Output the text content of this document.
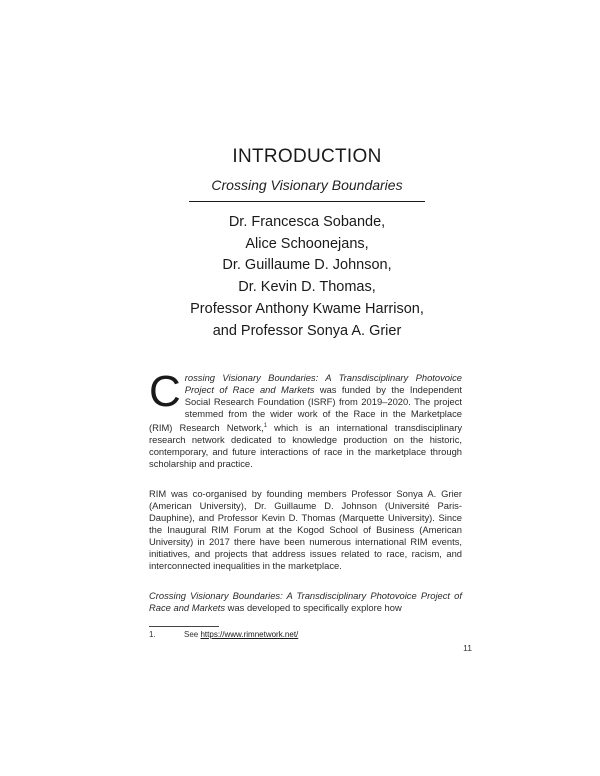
INTRODUCTION
Crossing Visionary Boundaries
Dr. Francesca Sobande,
Alice Schoonejans,
Dr. Guillaume D. Johnson,
Dr. Kevin D. Thomas,
Professor Anthony Kwame Harrison,
and Professor Sonya A. Grier

Crossing Visionary Boundaries: A Transdisciplinary Photovoice Project of Race and Markets was funded by the Independent Social Research Foundation (ISRF) from 2019–2020. The project stemmed from the wider work of the Race in the Marketplace (RIM) Research Network,$^1$ which is an international transdisciplinary research network dedicated to knowledge production on the historic, contemporary, and future interactions of race in the marketplace through scholarship and practice.

RIM was co-organised by founding members Professor Sonya A. Grier (American University), Dr. Guillaume D. Johnson (Université Paris-Dauphine), and Professor Kevin D. Thomas (Marquette University). Since the Inaugural RIM Forum at the Kogod School of Business (American University) in 2017 there have been numerous international RIM events, initiatives, and projects that address issues related to race, racism, and interconnected inequalities in the marketplace.

Crossing Visionary Boundaries: A Transdisciplinary Photovoice Project of Race and Markets was developed to specifically explore how

1.	See https://www.rimnetwork.net/
11
